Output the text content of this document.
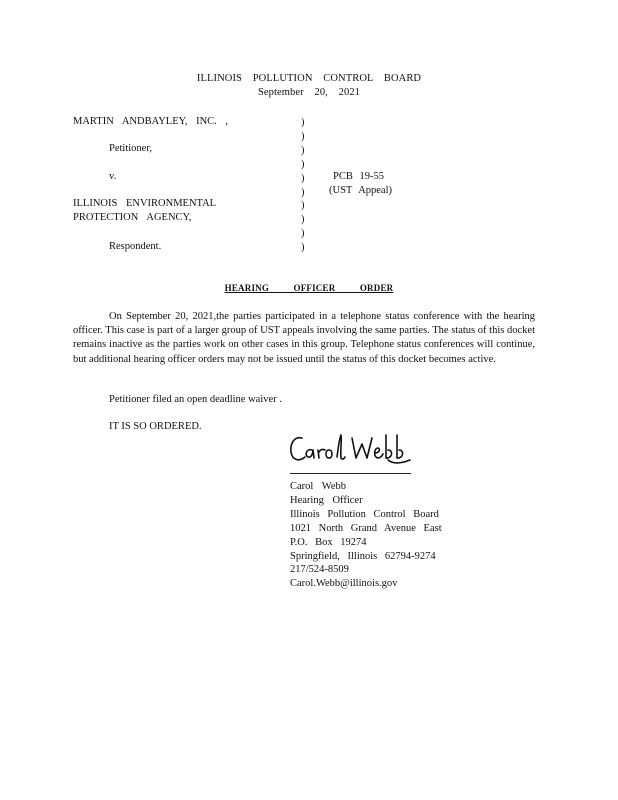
ILLINOIS POLLUTION CONTROL BOARD
September 20, 2021
MARTIN ANDBAYLEY, INC. ,
Petitioner,
v.
ILLINOIS ENVIRONMENTAL
PROTECTION AGENCY,
Respondent.
)
)
)
)
)
)
)
)
)
)
PCB 19-55
(UST Appeal)
HEARING OFFICER ORDER
On September 20, 2021,the parties participated in a telephone status conference with the hearing officer. This case is part of a larger group of UST appeals involving the same parties. The status of this docket remains inactive as the parties work on other cases in this group. Telephone status conferences will continue, but additional hearing officer orders may not be issued until the status of this docket becomes active.
Petitioner filed an open deadline waiver .
IT IS SO ORDERED.
Carol Webb
Hearing Officer
Illinois Pollution Control Board
1021 North Grand Avenue East
P.O. Box 19274
Springfield, Illinois 62794-9274
217/524-8509
Carol.Webb@illinois.gov
